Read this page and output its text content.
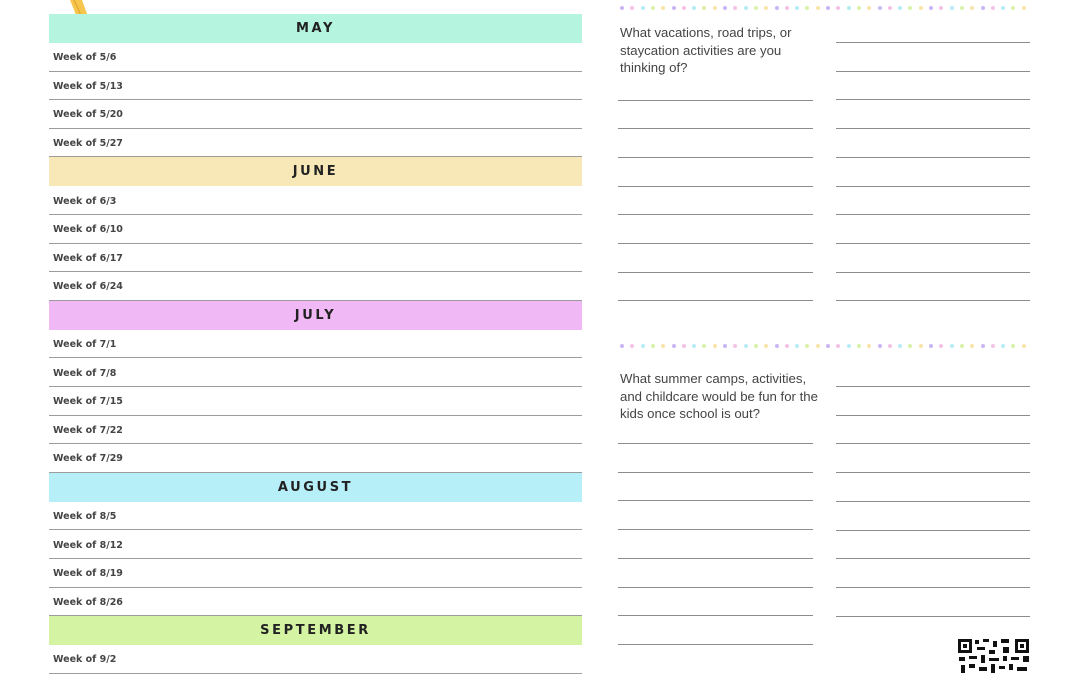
MAY
Week of 5/6
Week of 5/13
Week of 5/20
Week of 5/27
JUNE
Week of 6/3
Week of 6/10
Week of 6/17
Week of 6/24
JULY
Week of 7/1
Week of 7/8
Week of 7/15
Week of 7/22
Week of 7/29
AUGUST
Week of 8/5
Week of 8/12
Week of 8/19
Week of 8/26
SEPTEMBER
Week of 9/2
What vacations, road trips, or staycation activities are you thinking of?
What summer camps, activities, and childcare would be fun for the kids once school is out?
